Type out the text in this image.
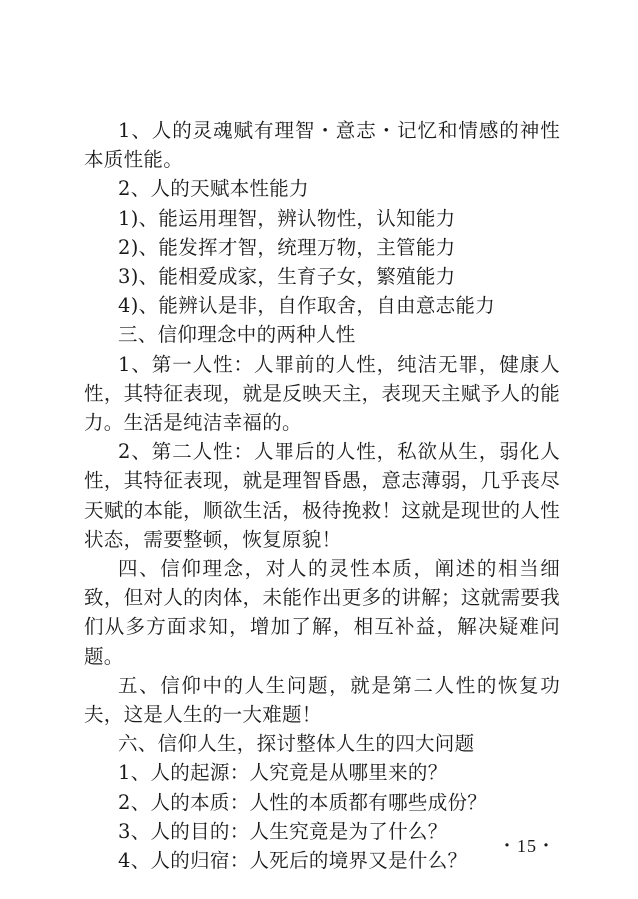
1、人的灵魂赋有理智・意志・记忆和情感的神性本质性能。

2、人的天赋本性能力

1)、能运用理智，辨认物性，认知能力

2)、能发挥才智，统理万物，主管能力

3)、能相爱成家，生育子女，繁殖能力

4)、能辨认是非，自作取舍，自由意志能力

三、信仰理念中的两种人性

1、第一人性：人罪前的人性，纯洁无罪，健康人性，其特征表现，就是反映天主，表现天主赋予人的能力。生活是纯洁幸福的。

2、第二人性：人罪后的人性，私欲从生，弱化人性，其特征表现，就是理智昏愚，意志薄弱，几乎丧尽天赋的本能，顺欲生活，极待挽救！这就是现世的人性状态，需要整顿，恢复原貌！

四、信仰理念，对人的灵性本质，阐述的相当细致，但对人的肉体，未能作出更多的讲解；这就需要我们从多方面求知，增加了解，相互补益，解决疑难问题。

五、信仰中的人生问题，就是第二人性的恢复功夫，这是人生的一大难题！

六、信仰人生，探讨整体人生的四大问题

1、人的起源：人究竟是从哪里来的？

2、人的本质：人性的本质都有哪些成份？

3、人的目的：人生究竟是为了什么？

4、人的归宿：人死后的境界又是什么？

・15・
